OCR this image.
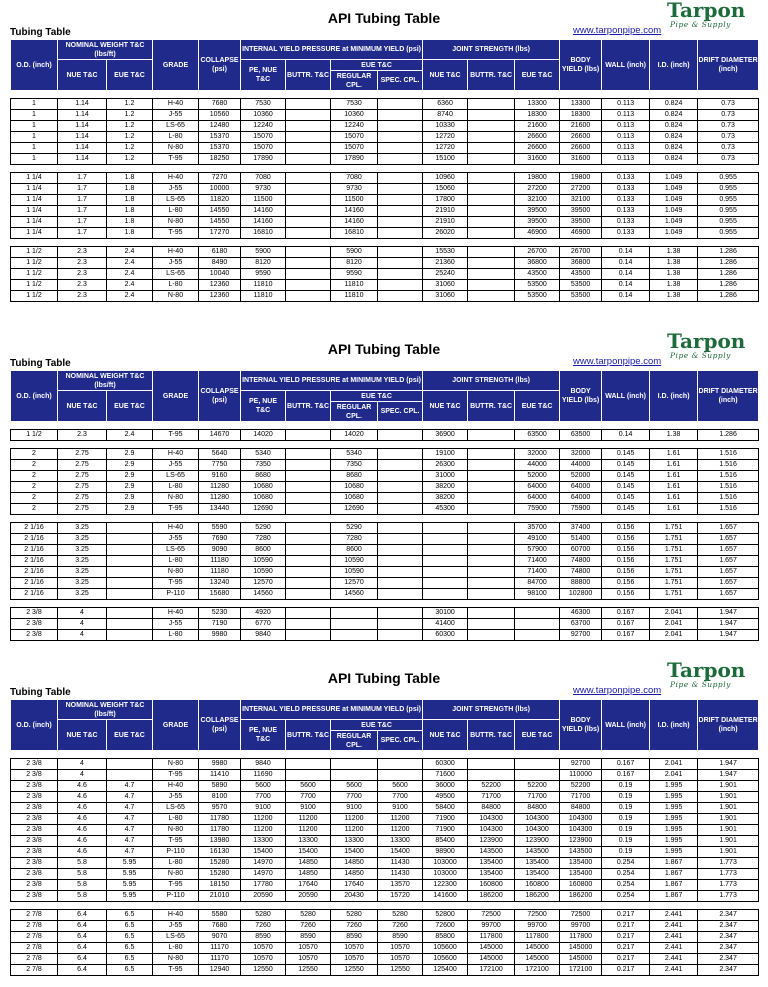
API Tubing Table
Tubing Table	www.tarponpipe.com
Tarpon
Pipe & Supply
O.D. (inch)	NOMINAL WEIGHT T&C (lbs/ft)		GRADE	COLLAPSE (psi)	INTERNAL YIELD PRESSURE at MINIMUM YIELD (psi)				JOINT STRENGTH (lbs)			BODY YIELD (lbs)	WALL (inch)	I.D. (inch)	DRIFT DIAMETER (inch)
	NUE T&C	EUE T&C			PE, NUE T&C	BUTTR. T&C	EUE T&C		NUE T&C	BUTTR. T&C	EUE T&C				
							REGULAR CPL.	SPEC. CPL.							

1	1.14	1.2	H-40	7680	7530		7530		6360		13300	13300	0.113	0.824	0.73
1	1.14	1.2	J-55	10560	10360		10360		8740		18300	18300	0.113	0.824	0.73
1	1.14	1.2	LS-65	12480	12240		12240		10330		21600	21600	0.113	0.824	0.73
1	1.14	1.2	L-80	15370	15070		15070		12720		26600	26600	0.113	0.824	0.73
1	1.14	1.2	N-80	15370	15070		15070		12720		26600	26600	0.113	0.824	0.73
1	1.14	1.2	T-95	18250	17890		17890		15100		31600	31600	0.113	0.824	0.73

1 1/4	1.7	1.8	H-40	7270	7080		7080		10960		19800	19800	0.133	1.049	0.955
1 1/4	1.7	1.8	J-55	10000	9730		9730		15060		27200	27200	0.133	1.049	0.955
1 1/4	1.7	1.8	LS-65	11820	11500		11500		17800		32100	32100	0.133	1.049	0.955
1 1/4	1.7	1.8	L-80	14550	14160		14160		21910		39500	39500	0.133	1.049	0.955
1 1/4	1.7	1.8	N-80	14550	14160		14160		21910		39500	39500	0.133	1.049	0.955
1 1/4	1.7	1.8	T-95	17270	16810		16810		26020		46900	46900	0.133	1.049	0.955

1 1/2	2.3	2.4	H-40	6180	5900		5900		15530		26700	26700	0.14	1.38	1.286
1 1/2	2.3	2.4	J-55	8490	8120		8120		21360		36800	36800	0.14	1.38	1.286
1 1/2	2.3	2.4	LS-65	10040	9590		9590		25240		43500	43500	0.14	1.38	1.286
1 1/2	2.3	2.4	L-80	12360	11810		11810		31060		53500	53500	0.14	1.38	1.286
1 1/2	2.3	2.4	N-80	12360	11810		11810		31060		53500	53500	0.14	1.38	1.286
API Tubing Table
Tubing Table	www.tarponpipe.com
Tarpon
Pipe & Supply
O.D. (inch)	NOMINAL WEIGHT T&C (lbs/ft)		GRADE	COLLAPSE (psi)	INTERNAL YIELD PRESSURE at MINIMUM YIELD (psi)				JOINT STRENGTH (lbs)			BODY YIELD (lbs)	WALL (inch)	I.D. (inch)	DRIFT DIAMETER (inch)
	NUE T&C	EUE T&C			PE, NUE T&C	BUTTR. T&C	EUE T&C		NUE T&C	BUTTR. T&C	EUE T&C				
							REGULAR CPL.	SPEC. CPL.							

1 1/2	2.3	2.4	T-95	14670	14020		14020		36900		63500	63500	0.14	1.38	1.286

2	2.75	2.9	H-40	5640	5340		5340		19100		32000	32000	0.145	1.61	1.516
2	2.75	2.9	J-55	7750	7350		7350		26300		44000	44000	0.145	1.61	1.516
2	2.75	2.9	LS-65	9160	8680		8680		31000		52000	52000	0.145	1.61	1.516
2	2.75	2.9	L-80	11280	10680		10680		38200		64000	64000	0.145	1.61	1.516
2	2.75	2.9	N-80	11280	10680		10680		38200		64000	64000	0.145	1.61	1.516
2	2.75	2.9	T-95	13440	12690		12690		45300		75900	75900	0.145	1.61	1.516

2 1/16	3.25		H-40	5590	5290		5290				35700	37400	0.156	1.751	1.657
2 1/16	3.25		J-55	7690	7280		7280				49100	51400	0.156	1.751	1.657
2 1/16	3.25		LS-65	9090	8600		8600				57900	60700	0.156	1.751	1.657
2 1/16	3.25		L-80	11180	10590		10590				71400	74800	0.156	1.751	1.657
2 1/16	3.25		N-80	11180	10590		10590				71400	74800	0.156	1.751	1.657
2 1/16	3.25		T-95	13240	12570		12570				84700	88800	0.156	1.751	1.657
2 1/16	3.25		P-110	15680	14560		14560				98100	102800	0.156	1.751	1.657

2 3/8	4		H-40	5230	4920				30100			46300	0.167	2.041	1.947
2 3/8	4		J-55	7190	6770				41400			63700	0.167	2.041	1.947
2 3/8	4		L-80	9980	9840				60300			92700	0.167	2.041	1.947
API Tubing Table
Tubing Table	www.tarponpipe.com
Tarpon
Pipe & Supply
O.D. (inch)	NOMINAL WEIGHT T&C (lbs/ft)		GRADE	COLLAPSE (psi)	INTERNAL YIELD PRESSURE at MINIMUM YIELD (psi)				JOINT STRENGTH (lbs)			BODY YIELD (lbs)	WALL (inch)	I.D. (inch)	DRIFT DIAMETER (inch)
	NUE T&C	EUE T&C			PE, NUE T&C	BUTTR. T&C	EUE T&C		NUE T&C	BUTTR. T&C	EUE T&C				
							REGULAR CPL.	SPEC. CPL.							

2 3/8	4		N-80	9980	9840				60300			92700	0.167	2.041	1.947
2 3/8	4		T-95	11410	11690				71600			110000	0.167	2.041	1.947
2 3/8	4.6	4.7	H-40	5890	5600	5600	5600	5600	36000	52200	52200	52200	0.19	1.995	1.901
2 3/8	4.6	4.7	J-55	8100	7700	7700	7700	7700	49500	71700	71700	71700	0.19	1.995	1.901
2 3/8	4.6	4.7	LS-65	9570	9100	9100	9100	9100	58400	84800	84800	84800	0.19	1.995	1.901
2 3/8	4.6	4.7	L-80	11780	11200	11200	11200	11200	71900	104300	104300	104300	0.19	1.995	1.901
2 3/8	4.6	4.7	N-80	11780	11200	11200	11200	11200	71900	104300	104300	104300	0.19	1.995	1.901
2 3/8	4.6	4.7	T-95	13980	13300	13300	13300	13300	85400	123900	123900	123900	0.19	1.995	1.901
2 3/8	4.6	4.7	P-110	16130	15400	15400	15400	15400	98900	143500	143500	143500	0.19	1.995	1.901
2 3/8	5.8	5.95	L-80	15280	14970	14850	14850	11430	103000	135400	135400	135400	0.254	1.867	1.773
2 3/8	5.8	5.95	N-80	15280	14970	14850	14850	11430	103000	135400	135400	135400	0.254	1.867	1.773
2 3/8	5.8	5.95	T-95	18150	17780	17640	17640	13570	122300	160800	160800	160800	0.254	1.867	1.773
2 3/8	5.8	5.95	P-110	21010	20590	20590	20430	15720	141600	186200	186200	186200	0.254	1.867	1.773

2 7/8	6.4	6.5	H-40	5580	5280	5280	5280	5280	52800	72500	72500	72500	0.217	2.441	2.347
2 7/8	6.4	6.5	J-55	7680	7260	7260	7260	7260	72600	99700	99700	99700	0.217	2.441	2.347
2 7/8	6.4	6.5	LS-65	9070	8590	8590	8590	8590	85800	117800	117800	117800	0.217	2.441	2.347
2 7/8	6.4	6.5	L-80	11170	10570	10570	10570	10570	105600	145000	145000	145000	0.217	2.441	2.347
2 7/8	6.4	6.5	N-80	11170	10570	10570	10570	10570	105600	145000	145000	145000	0.217	2.441	2.347
2 7/8	6.4	6.5	T-95	12940	12550	12550	12550	12550	125400	172100	172100	172100	0.217	2.441	2.347
